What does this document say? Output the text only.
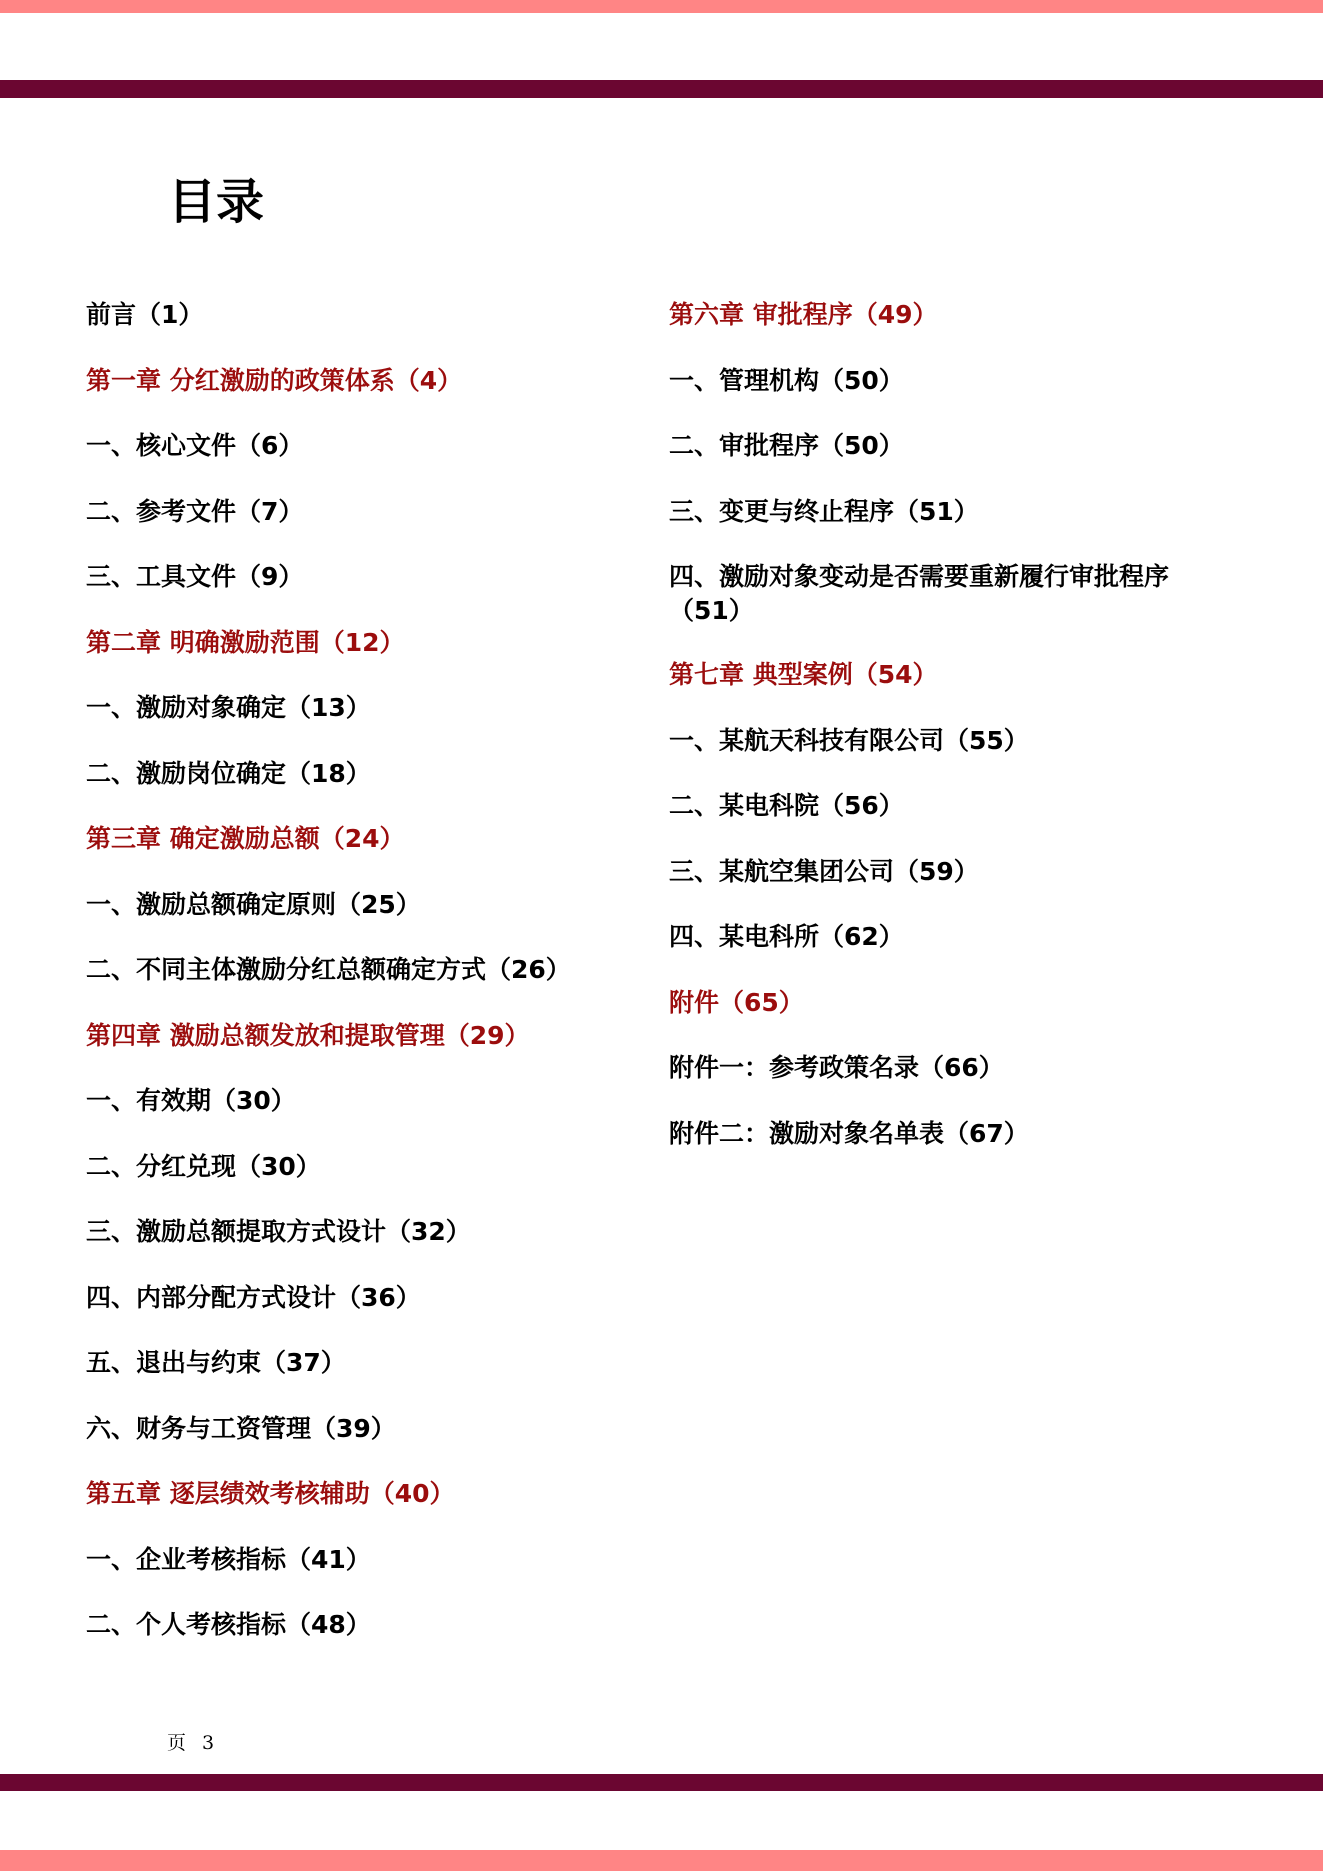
目录
前言（1）
第一章 分红激励的政策体系（4）
一、核心文件（6）
二、参考文件（7）
三、工具文件（9）
第二章 明确激励范围（12）
一、激励对象确定（13）
二、激励岗位确定（18）
第三章 确定激励总额（24）
一、激励总额确定原则（25）
二、不同主体激励分红总额确定方式（26）
第四章 激励总额发放和提取管理（29）
一、有效期（30）
二、分红兑现（30）
三、激励总额提取方式设计（32）
四、内部分配方式设计（36）
五、退出与约束（37）
六、财务与工资管理（39）
第五章 逐层绩效考核辅助（40）
一、企业考核指标（41）
二、个人考核指标（48）
第六章 审批程序（49）
一、管理机构（50）
二、审批程序（50）
三、变更与终止程序（51）
四、激励对象变动是否需要重新履行审批程序（51）
第七章 典型案例（54）
一、某航天科技有限公司（55）
二、某电科院（56）
三、某航空集团公司（59）
四、某电科所（62）
附件（65）
附件一：参考政策名录（66）
附件二：激励对象名单表（67）
页 3
